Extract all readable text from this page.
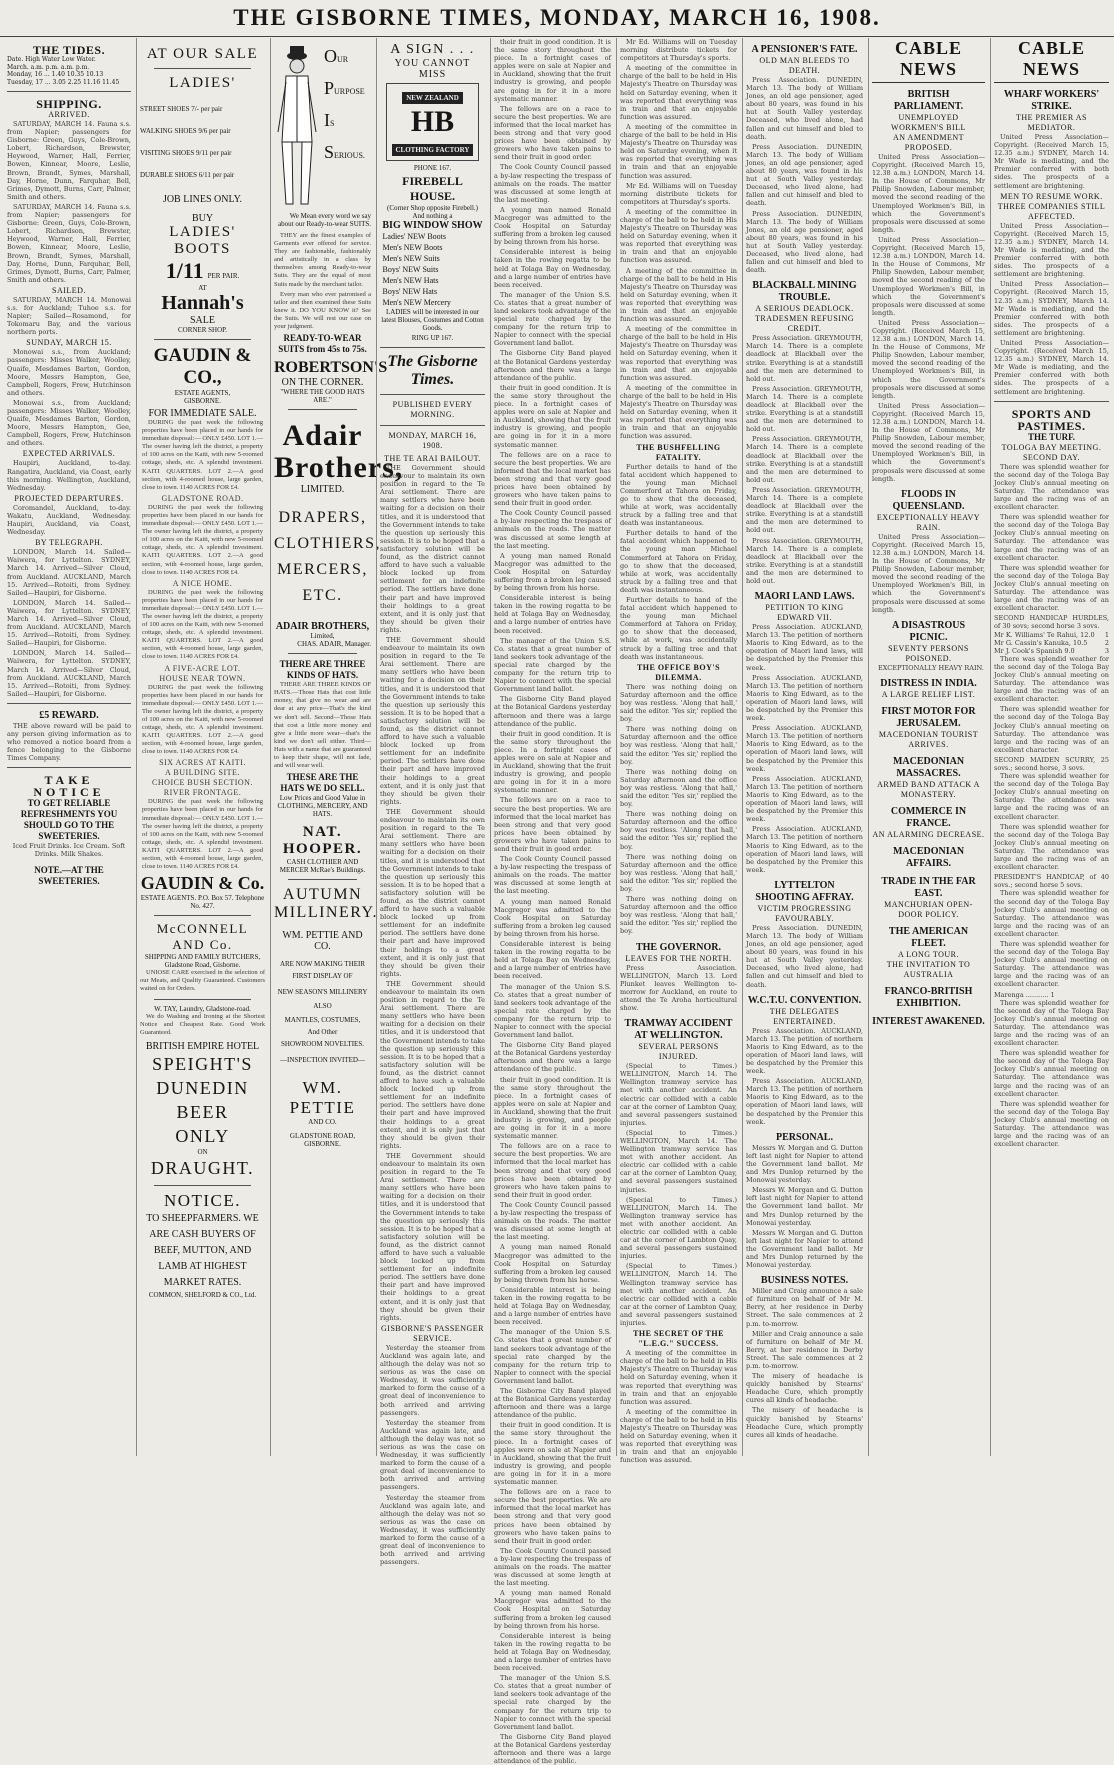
THE GISBORNE TIMES, MONDAY, MARCH 16, 1908.
THE TIDES.
Date. High Water Low Water.
March. a.m. p.m. a.m. p.m.
Monday, 16 ... 1.40 10.35 10.13
Tuesday, 17 ... 3.05 2.25 11.16 11.45
SHIPPING.
ARRIVED.

SATURDAY, MARCH 14. Fauna s.s. from Napier; passengers for Gisborne: Green, Guys, Cole-Brown, Lobert, Richardson, Brewster, Heywood, Warner, Hall, Ferrier, Bowen, Kinnear, Moore, Leslie, Brown, Brandt, Symes, Marshall, Day, Horne, Dunn, Farquhar, Bell, Grimes, Dymott, Burns, Carr, Palmer, Smith and others.

SATURDAY, MARCH 14. Fauna s.s. from Napier; passengers for Gisborne: Green, Guys, Cole-Brown, Lobert, Richardson, Brewster, Heywood, Warner, Hall, Ferrier, Bowen, Kinnear, Moore, Leslie, Brown, Brandt, Symes, Marshall, Day, Horne, Dunn, Farquhar, Bell, Grimes, Dymott, Burns, Carr, Palmer, Smith and others.

SAILED.

SATURDAY, MARCH 14. Monowai s.s. for Auckland; Tuhoe s.s. for Napier; Sailed—Rosamond, for Tokomaru Bay, and the various northern ports.

SUNDAY, MARCH 15.

Monowai s.s., from Auckland; passengers: Misses Walker, Woolley, Quaife, Mesdames Barton, Gordon, Moore, Messrs Hampton, Gee, Campbell, Rogers, Frew, Hutchinson and others.

Monowai s.s., from Auckland; passengers: Misses Walker, Woolley, Quaife, Mesdames Barton, Gordon, Moore, Messrs Hampton, Gee, Campbell, Rogers, Frew, Hutchinson and others.

EXPECTED ARRIVALS.

Haupiri, Auckland, to-day. Rangatira, Auckland, via Coast, early this morning. Wellington, Auckland, Wednesday.

PROJECTED DEPARTURES.

Coromandel, Auckland, to-day. Wakatu, Auckland, Wednesday. Haupiri, Auckland, via Coast, Wednesday.

BY TELEGRAPH.

LONDON, March 14. Sailed—Waiwera, for Lyttelton. SYDNEY, March 14. Arrived—Silver Cloud, from Auckland. AUCKLAND, March 15. Arrived—Rotoiti, from Sydney. Sailed—Haupiri, for Gisborne.

LONDON, March 14. Sailed—Waiwera, for Lyttelton. SYDNEY, March 14. Arrived—Silver Cloud, from Auckland. AUCKLAND, March 15. Arrived—Rotoiti, from Sydney. Sailed—Haupiri, for Gisborne.

LONDON, March 14. Sailed—Waiwera, for Lyttelton. SYDNEY, March 14. Arrived—Silver Cloud, from Auckland. AUCKLAND, March 15. Arrived—Rotoiti, from Sydney. Sailed—Haupiri, for Gisborne.

£5 REWARD.

THE above reward will be paid to any person giving information as to who removed a notice board from a fence belonging to the Gisborne Times Company.

TAKE NOTICE
TO GET RELIABLE REFRESHMENTS YOU SHOULD GO TO THE SWEETERIES.
Iced Fruit Drinks. Ice Cream. Soft Drinks. Milk Shakes.
NOTE.—AT THE SWEETERIES.
AT OUR SALE
LADIES'
STREET SHOES 7/- per pair
WALKING SHOES 9/6 per pair
VISITING SHOES 9/11 per pair
DURABLE SHOES 6/11 per pair
JOB LINES ONLY.
BUY
LADIES' BOOTS
1/11 PER PAIR.
AT
Hannah's
SALE
CORNER SHOP.
GAUDIN & CO.,
ESTATE AGENTS,
GISBORNE.
FOR IMMEDIATE SALE.

DURING the past week the following properties have been placed in our hands for immediate disposal:— ONLY £450. LOT 1.—The owner having left the district, a property of 100 acres on the Kaiti, with new 5-roomed cottage, sheds, etc. A splendid investment. KAITI QUARTERS. LOT 2.—A good section, with 4-roomed house, large garden, close to town. 1140 ACRES FOR £4.

GLADSTONE ROAD.

DURING the past week the following properties have been placed in our hands for immediate disposal:— ONLY £450. LOT 1.—The owner having left the district, a property of 100 acres on the Kaiti, with new 5-roomed cottage, sheds, etc. A splendid investment. KAITI QUARTERS. LOT 2.—A good section, with 4-roomed house, large garden, close to town. 1140 ACRES FOR £4.

A NICE HOME.

DURING the past week the following properties have been placed in our hands for immediate disposal:— ONLY £450. LOT 1.—The owner having left the district, a property of 100 acres on the Kaiti, with new 5-roomed cottage, sheds, etc. A splendid investment. KAITI QUARTERS. LOT 2.—A good section, with 4-roomed house, large garden, close to town. 1140 ACRES FOR £4.

A FIVE-ACRE LOT.
HOUSE NEAR TOWN.

DURING the past week the following properties have been placed in our hands for immediate disposal:— ONLY £450. LOT 1.—The owner having left the district, a property of 100 acres on the Kaiti, with new 5-roomed cottage, sheds, etc. A splendid investment. KAITI QUARTERS. LOT 2.—A good section, with 4-roomed house, large garden, close to town. 1140 ACRES FOR £4.

SIX ACRES AT KAITI.
A BUILDING SITE.
CHOICE BUSH SECTION.
RIVER FRONTAGE.

DURING the past week the following properties have been placed in our hands for immediate disposal:— ONLY £450. LOT 1.—The owner having left the district, a property of 100 acres on the Kaiti, with new 5-roomed cottage, sheds, etc. A splendid investment. KAITI QUARTERS. LOT 2.—A good section, with 4-roomed house, large garden, close to town. 1140 ACRES FOR £4.

GAUDIN & Co.
ESTATE AGENTS. P.O. Box 57. Telephone No. 427.
McCONNELL AND Co.
SHIPPING AND FAMILY BUTCHERS, Gladstone Road, Gisborne.

UNIOSE CARE exercised in the selection of our Meats, and Quality Guaranteed. Customers waited on for Orders.

W. TAY, Laundry, Gladstone-road.

We do Washing and Ironing at the Shortest Notice and Cheapest Rate. Good Work Guaranteed.

BRITISH EMPIRE HOTEL
SPEIGHT'S
DUNEDIN
BEER
ONLY
ON
DRAUGHT.
NOTICE.
TO SHEEPFARMERS. WE ARE CASH BUYERS OF BEEF, MUTTON, AND LAMB AT HIGHEST MARKET RATES.
COMMON, SHELFORD & CO., Ltd.
OUR
PURPOSE
IS
SERIOUS.
We Mean every word we say about our Ready-to-wear SUITS.

THEY are the finest examples of Garments ever offered for service. They are fashionable, fashionably and artistically in a class by themselves among Ready-to-wear Suits. They are the equal of most Suits made by the merchant tailor.

Every man who ever patronised a tailor and then examined these Suits knew it. DO YOU KNOW it? See the Suits. We will rest our case on your judgment.

READY-TO-WEAR SUITS from 45s to 75s.
ROBERTSON'S
ON THE CORNER.
"WHERE THE GOOD HATS ARE."
Adair
Brothers,
LIMITED.
DRAPERS,
CLOTHIERS,
MERCERS,
ETC.
ADAIR BROTHERS,
Limited,
CHAS. ADAIR, Manager.
THERE ARE THREE KINDS OF HATS.

THERE ARE THREE KINDS OF HATS.—Those Hats that cost little money, that give no wear and are dear at any price—That's the kind we don't sell. Second—Those Hats that cost a little more money and give a little more wear—that's the kind we don't sell either. Third—Hats with a name that are guaranteed to keep their shape, will not fade, and will wear well.

THESE ARE THE HATS WE DO SELL.
Low Prices and Good Value in CLOTHING, MERCERY, AND HATS.
NAT. HOOPER.
CASH CLOTHIER AND MERCER McRae's Buildings.
AUTUMN
MILLINERY.
WM. PETTIE AND CO.
ARE NOW MAKING THEIR FIRST DISPLAY OF
NEW SEASON'S MILLINERY
ALSO
MANTLES, COSTUMES,
And Other
SHOWROOM NOVELTIES.
—INSPECTION INVITED—
WM. PETTIE
AND CO.
GLADSTONE ROAD,
GISBORNE.
A SIGN . . .
YOU CANNOT MISS
NEW ZEALAND
HB
CLOTHING FACTORY
PHONE 167.
FIREBELL HOUSE.
(Corner Shop opposite Firebell.)
And nothing a
BIG WINDOW SHOW
Ladies' NEW Boots
Men's NEW Boots
Men's NEW Suits
Boys' NEW Suits
Men's NEW Hats
Boys' NEW Hats
Men's NEW Mercery
LADIES will be interested in our latest Blouses, Costumes and Cotton Goods.
RING UP 167.
The Gisborne Times.
PUBLISHED EVERY MORNING.
MONDAY, MARCH 16, 1908.
THE TE ARAI BAILOUT.

THE Government should endeavour to maintain its own position in regard to the Te Arai settlement. There are many settlers who have been waiting for a decision on their titles, and it is understood that the Government intends to take the question up seriously this session. It is to be hoped that a satisfactory solution will be found, as the district cannot afford to have such a valuable block locked up from settlement for an indefinite period. The settlers have done their part and have improved their holdings to a great extent, and it is only just that they should be given their rights.

THE Government should endeavour to maintain its own position in regard to the Te Arai settlement. There are many settlers who have been waiting for a decision on their titles, and it is understood that the Government intends to take the question up seriously this session. It is to be hoped that a satisfactory solution will be found, as the district cannot afford to have such a valuable block locked up from settlement for an indefinite period. The settlers have done their part and have improved their holdings to a great extent, and it is only just that they should be given their rights.

THE Government should endeavour to maintain its own position in regard to the Te Arai settlement. There are many settlers who have been waiting for a decision on their titles, and it is understood that the Government intends to take the question up seriously this session. It is to be hoped that a satisfactory solution will be found, as the district cannot afford to have such a valuable block locked up from settlement for an indefinite period. The settlers have done their part and have improved their holdings to a great extent, and it is only just that they should be given their rights.

THE Government should endeavour to maintain its own position in regard to the Te Arai settlement. There are many settlers who have been waiting for a decision on their titles, and it is understood that the Government intends to take the question up seriously this session. It is to be hoped that a satisfactory solution will be found, as the district cannot afford to have such a valuable block locked up from settlement for an indefinite period. The settlers have done their part and have improved their holdings to a great extent, and it is only just that they should be given their rights.

THE Government should endeavour to maintain its own position in regard to the Te Arai settlement. There are many settlers who have been waiting for a decision on their titles, and it is understood that the Government intends to take the question up seriously this session. It is to be hoped that a satisfactory solution will be found, as the district cannot afford to have such a valuable block locked up from settlement for an indefinite period. The settlers have done their part and have improved their holdings to a great extent, and it is only just that they should be given their rights.

GISBORNE'S PASSENGER SERVICE.

Yesterday the steamer from Auckland was again late, and although the delay was not so serious as was the case on Wednesday, it was sufficiently marked to form the cause of a great deal of inconvenience to both arrived and arriving passengers.

Yesterday the steamer from Auckland was again late, and although the delay was not so serious as was the case on Wednesday, it was sufficiently marked to form the cause of a great deal of inconvenience to both arrived and arriving passengers.

Yesterday the steamer from Auckland was again late, and although the delay was not so serious as was the case on Wednesday, it was sufficiently marked to form the cause of a great deal of inconvenience to both arrived and arriving passengers.

their fruit in good condition. It is the same story throughout the piece. In a fortnight cases of apples were on sale at Napier and in Auckland, showing that the fruit industry is growing, and people are going in for it in a more systematic manner.

The fellows are on a race to secure the best properties. We are informed that the local market has been strong and that very good prices have been obtained by growers who have taken pains to send their fruit in good order.

The Cook County Council passed a by-law respecting the trespass of animals on the roads. The matter was discussed at some length at the last meeting.

A young man named Ronald Macgregor was admitted to the Cook Hospital on Saturday suffering from a broken leg caused by being thrown from his horse.

Considerable interest is being taken in the rowing regatta to be held at Tolaga Bay on Wednesday, and a large number of entries have been received.

The manager of the Union S.S. Co. states that a great number of land seekers took advantage of the special rate charged by the company for the return trip to Napier to connect with the special Government land ballot.

The Gisborne City Band played at the Botanical Gardens yesterday afternoon and there was a large attendance of the public.

their fruit in good condition. It is the same story throughout the piece. In a fortnight cases of apples were on sale at Napier and in Auckland, showing that the fruit industry is growing, and people are going in for it in a more systematic manner.

The fellows are on a race to secure the best properties. We are informed that the local market has been strong and that very good prices have been obtained by growers who have taken pains to send their fruit in good order.

The Cook County Council passed a by-law respecting the trespass of animals on the roads. The matter was discussed at some length at the last meeting.

A young man named Ronald Macgregor was admitted to the Cook Hospital on Saturday suffering from a broken leg caused by being thrown from his horse.

Considerable interest is being taken in the rowing regatta to be held at Tolaga Bay on Wednesday, and a large number of entries have been received.

The manager of the Union S.S. Co. states that a great number of land seekers took advantage of the special rate charged by the company for the return trip to Napier to connect with the special Government land ballot.

The Gisborne City Band played at the Botanical Gardens yesterday afternoon and there was a large attendance of the public.

their fruit in good condition. It is the same story throughout the piece. In a fortnight cases of apples were on sale at Napier and in Auckland, showing that the fruit industry is growing, and people are going in for it in a more systematic manner.

The fellows are on a race to secure the best properties. We are informed that the local market has been strong and that very good prices have been obtained by growers who have taken pains to send their fruit in good order.

The Cook County Council passed a by-law respecting the trespass of animals on the roads. The matter was discussed at some length at the last meeting.

A young man named Ronald Macgregor was admitted to the Cook Hospital on Saturday suffering from a broken leg caused by being thrown from his horse.

Considerable interest is being taken in the rowing regatta to be held at Tolaga Bay on Wednesday, and a large number of entries have been received.

The manager of the Union S.S. Co. states that a great number of land seekers took advantage of the special rate charged by the company for the return trip to Napier to connect with the special Government land ballot.

The Gisborne City Band played at the Botanical Gardens yesterday afternoon and there was a large attendance of the public.

their fruit in good condition. It is the same story throughout the piece. In a fortnight cases of apples were on sale at Napier and in Auckland, showing that the fruit industry is growing, and people are going in for it in a more systematic manner.

The fellows are on a race to secure the best properties. We are informed that the local market has been strong and that very good prices have been obtained by growers who have taken pains to send their fruit in good order.

The Cook County Council passed a by-law respecting the trespass of animals on the roads. The matter was discussed at some length at the last meeting.

A young man named Ronald Macgregor was admitted to the Cook Hospital on Saturday suffering from a broken leg caused by being thrown from his horse.

Considerable interest is being taken in the rowing regatta to be held at Tolaga Bay on Wednesday, and a large number of entries have been received.

The manager of the Union S.S. Co. states that a great number of land seekers took advantage of the special rate charged by the company for the return trip to Napier to connect with the special Government land ballot.

The Gisborne City Band played at the Botanical Gardens yesterday afternoon and there was a large attendance of the public.

their fruit in good condition. It is the same story throughout the piece. In a fortnight cases of apples were on sale at Napier and in Auckland, showing that the fruit industry is growing, and people are going in for it in a more systematic manner.

The fellows are on a race to secure the best properties. We are informed that the local market has been strong and that very good prices have been obtained by growers who have taken pains to send their fruit in good order.

The Cook County Council passed a by-law respecting the trespass of animals on the roads. The matter was discussed at some length at the last meeting.

A young man named Ronald Macgregor was admitted to the Cook Hospital on Saturday suffering from a broken leg caused by being thrown from his horse.

Considerable interest is being taken in the rowing regatta to be held at Tolaga Bay on Wednesday, and a large number of entries have been received.

The manager of the Union S.S. Co. states that a great number of land seekers took advantage of the special rate charged by the company for the return trip to Napier to connect with the special Government land ballot.

The Gisborne City Band played at the Botanical Gardens yesterday afternoon and there was a large attendance of the public.

Mr Ed. Williams will on Tuesday morning distribute tickets for competitors at Thursday's sports.

A meeting of the committee in charge of the ball to be held in His Majesty's Theatre on Thursday was held on Saturday evening, when it was reported that everything was in train and that an enjoyable function was assured.

A meeting of the committee in charge of the ball to be held in His Majesty's Theatre on Thursday was held on Saturday evening, when it was reported that everything was in train and that an enjoyable function was assured.

Mr Ed. Williams will on Tuesday morning distribute tickets for competitors at Thursday's sports.

A meeting of the committee in charge of the ball to be held in His Majesty's Theatre on Thursday was held on Saturday evening, when it was reported that everything was in train and that an enjoyable function was assured.

A meeting of the committee in charge of the ball to be held in His Majesty's Theatre on Thursday was held on Saturday evening, when it was reported that everything was in train and that an enjoyable function was assured.

A meeting of the committee in charge of the ball to be held in His Majesty's Theatre on Thursday was held on Saturday evening, when it was reported that everything was in train and that an enjoyable function was assured.

A meeting of the committee in charge of the ball to be held in His Majesty's Theatre on Thursday was held on Saturday evening, when it was reported that everything was in train and that an enjoyable function was assured.

THE BUSHFELLING FATALITY.

Further details to hand of the fatal accident which happened to the young man Michael Commerford at Tahora on Friday, go to show that the deceased, while at work, was accidentally struck by a falling tree and that death was instantaneous.

Further details to hand of the fatal accident which happened to the young man Michael Commerford at Tahora on Friday, go to show that the deceased, while at work, was accidentally struck by a falling tree and that death was instantaneous.

Further details to hand of the fatal accident which happened to the young man Michael Commerford at Tahora on Friday, go to show that the deceased, while at work, was accidentally struck by a falling tree and that death was instantaneous.

THE OFFICE BOY'S DILEMMA.

There was nothing doing on Saturday afternoon and the office boy was restless. 'Along that hall,' said the editor. 'Yes sir,' replied the boy.

There was nothing doing on Saturday afternoon and the office boy was restless. 'Along that hall,' said the editor. 'Yes sir,' replied the boy.

There was nothing doing on Saturday afternoon and the office boy was restless. 'Along that hall,' said the editor. 'Yes sir,' replied the boy.

There was nothing doing on Saturday afternoon and the office boy was restless. 'Along that hall,' said the editor. 'Yes sir,' replied the boy.

There was nothing doing on Saturday afternoon and the office boy was restless. 'Along that hall,' said the editor. 'Yes sir,' replied the boy.

There was nothing doing on Saturday afternoon and the office boy was restless. 'Along that hall,' said the editor. 'Yes sir,' replied the boy.

THE GOVERNOR.
LEAVES FOR THE NORTH.

Press Association. WELLINGTON, March 13. Lord Plunket leaves Wellington to-morrow for Auckland, en route to attend the Te Aroha horticultural show.

TRAMWAY ACCIDENT AT WELLINGTON.
SEVERAL PERSONS INJURED.

(Special to Times.) WELLINGTON, March 14. The Wellington tramway service has met with another accident. An electric car collided with a cable car at the corner of Lambton Quay, and several passengers sustained injuries.

(Special to Times.) WELLINGTON, March 14. The Wellington tramway service has met with another accident. An electric car collided with a cable car at the corner of Lambton Quay, and several passengers sustained injuries.

(Special to Times.) WELLINGTON, March 14. The Wellington tramway service has met with another accident. An electric car collided with a cable car at the corner of Lambton Quay, and several passengers sustained injuries.

(Special to Times.) WELLINGTON, March 14. The Wellington tramway service has met with another accident. An electric car collided with a cable car at the corner of Lambton Quay, and several passengers sustained injuries.

THE SECRET OF THE "L.E.G." SUCCESS.

A meeting of the committee in charge of the ball to be held in His Majesty's Theatre on Thursday was held on Saturday evening, when it was reported that everything was in train and that an enjoyable function was assured.

A meeting of the committee in charge of the ball to be held in His Majesty's Theatre on Thursday was held on Saturday evening, when it was reported that everything was in train and that an enjoyable function was assured.

A PENSIONER'S FATE.
OLD MAN BLEEDS TO DEATH.

Press Association. DUNEDIN, March 13. The body of William Jones, an old age pensioner, aged about 80 years, was found in his hut at South Valley yesterday. Deceased, who lived alone, had fallen and cut himself and bled to death.

Press Association. DUNEDIN, March 13. The body of William Jones, an old age pensioner, aged about 80 years, was found in his hut at South Valley yesterday. Deceased, who lived alone, had fallen and cut himself and bled to death.

Press Association. DUNEDIN, March 13. The body of William Jones, an old age pensioner, aged about 80 years, was found in his hut at South Valley yesterday. Deceased, who lived alone, had fallen and cut himself and bled to death.

BLACKBALL MINING TROUBLE.
A SERIOUS DEADLOCK.
TRADESMEN REFUSING CREDIT.

Press Association. GREYMOUTH, March 14. There is a complete deadlock at Blackball over the strike. Everything is at a standstill and the men are determined to hold out.

Press Association. GREYMOUTH, March 14. There is a complete deadlock at Blackball over the strike. Everything is at a standstill and the men are determined to hold out.

Press Association. GREYMOUTH, March 14. There is a complete deadlock at Blackball over the strike. Everything is at a standstill and the men are determined to hold out.

Press Association. GREYMOUTH, March 14. There is a complete deadlock at Blackball over the strike. Everything is at a standstill and the men are determined to hold out.

Press Association. GREYMOUTH, March 14. There is a complete deadlock at Blackball over the strike. Everything is at a standstill and the men are determined to hold out.

MAORI LAND LAWS.
PETITION TO KING EDWARD VII.

Press Association. AUCKLAND, March 13. The petition of northern Maoris to King Edward, as to the operation of Maori land laws, will be despatched by the Premier this week.

Press Association. AUCKLAND, March 13. The petition of northern Maoris to King Edward, as to the operation of Maori land laws, will be despatched by the Premier this week.

Press Association. AUCKLAND, March 13. The petition of northern Maoris to King Edward, as to the operation of Maori land laws, will be despatched by the Premier this week.

Press Association. AUCKLAND, March 13. The petition of northern Maoris to King Edward, as to the operation of Maori land laws, will be despatched by the Premier this week.

Press Association. AUCKLAND, March 13. The petition of northern Maoris to King Edward, as to the operation of Maori land laws, will be despatched by the Premier this week.

LYTTELTON SHOOTING AFFRAY.
VICTIM PROGRESSING FAVOURABLY.

Press Association. DUNEDIN, March 13. The body of William Jones, an old age pensioner, aged about 80 years, was found in his hut at South Valley yesterday. Deceased, who lived alone, had fallen and cut himself and bled to death.

W.C.T.U. CONVENTION.
THE DELEGATES ENTERTAINED.

Press Association. AUCKLAND, March 13. The petition of northern Maoris to King Edward, as to the operation of Maori land laws, will be despatched by the Premier this week.

Press Association. AUCKLAND, March 13. The petition of northern Maoris to King Edward, as to the operation of Maori land laws, will be despatched by the Premier this week.

PERSONAL.

Messrs W. Morgan and G. Dutton left last night for Napier to attend the Government land ballot. Mr and Mrs Dunlop returned by the Monowai yesterday.

Messrs W. Morgan and G. Dutton left last night for Napier to attend the Government land ballot. Mr and Mrs Dunlop returned by the Monowai yesterday.

Messrs W. Morgan and G. Dutton left last night for Napier to attend the Government land ballot. Mr and Mrs Dunlop returned by the Monowai yesterday.

BUSINESS NOTES.

Miller and Craig announce a sale of furniture on behalf of Mr M. Berry, at her residence in Derby Street. The sale commences at 2 p.m. to-morrow.

Miller and Craig announce a sale of furniture on behalf of Mr M. Berry, at her residence in Derby Street. The sale commences at 2 p.m. to-morrow.

The misery of headache is quickly banished by Stearns' Headache Cure, which promptly cures all kinds of headache.

The misery of headache is quickly banished by Stearns' Headache Cure, which promptly cures all kinds of headache.

CABLE NEWS
BRITISH PARLIAMENT.
UNEMPLOYED WORKMEN'S BILL
AN AMENDMENT PROPOSED.

United Press Association—Copyright. (Received March 15, 12.38 a.m.) LONDON, March 14. In the House of Commons, Mr Philip Snowden, Labour member, moved the second reading of the Unemployed Workmen's Bill, in which the Government's proposals were discussed at some length.

United Press Association—Copyright. (Received March 15, 12.38 a.m.) LONDON, March 14. In the House of Commons, Mr Philip Snowden, Labour member, moved the second reading of the Unemployed Workmen's Bill, in which the Government's proposals were discussed at some length.

United Press Association—Copyright. (Received March 15, 12.38 a.m.) LONDON, March 14. In the House of Commons, Mr Philip Snowden, Labour member, moved the second reading of the Unemployed Workmen's Bill, in which the Government's proposals were discussed at some length.

United Press Association—Copyright. (Received March 15, 12.38 a.m.) LONDON, March 14. In the House of Commons, Mr Philip Snowden, Labour member, moved the second reading of the Unemployed Workmen's Bill, in which the Government's proposals were discussed at some length.

FLOODS IN QUEENSLAND.
EXCEPTIONALLY HEAVY RAIN.

United Press Association—Copyright. (Received March 15, 12.38 a.m.) LONDON, March 14. In the House of Commons, Mr Philip Snowden, Labour member, moved the second reading of the Unemployed Workmen's Bill, in which the Government's proposals were discussed at some length.

A DISASTROUS PICNIC.
SEVENTY PERSONS POISONED.

EXCEPTIONALLY HEAVY RAIN.

DISTRESS IN INDIA.
A LARGE RELIEF LIST.
FIRST MOTOR FOR JERUSALEM.
MACEDONIAN TOURIST ARRIVES.
MACEDONIAN MASSACRES.
ARMED BAND ATTACK A MONASTERY.
COMMERCE IN FRANCE.
AN ALARMING DECREASE.
MACEDONIAN AFFAIRS.
TRADE IN THE FAR EAST.
MANCHURIAN OPEN-DOOR POLICY.
THE AMERICAN FLEET.
A LONG TOUR.
THE INVITATION TO AUSTRALIA
FRANCO-BRITISH EXHIBITION.
INTEREST AWAKENED.
CABLE NEWS
WHARF WORKERS' STRIKE.
THE PREMIER AS MEDIATOR.

United Press Association—Copyright. (Received March 15, 12.35 a.m.) SYDNEY, March 14. Mr Wade is mediating, and the Premier conferred with both sides. The prospects of a settlement are brightening.

MEN TO RESUME WORK.
THREE COMPANIES STILL AFFECTED.

United Press Association—Copyright. (Received March 15, 12.35 a.m.) SYDNEY, March 14. Mr Wade is mediating, and the Premier conferred with both sides. The prospects of a settlement are brightening.

United Press Association—Copyright. (Received March 15, 12.35 a.m.) SYDNEY, March 14. Mr Wade is mediating, and the Premier conferred with both sides. The prospects of a settlement are brightening.

United Press Association—Copyright. (Received March 15, 12.35 a.m.) SYDNEY, March 14. Mr Wade is mediating, and the Premier conferred with both sides. The prospects of a settlement are brightening.

SPORTS AND PASTIMES.
THE TURF.
TOLOGA BAY MEETING.
SECOND DAY.

There was splendid weather for the second day of the Tologa Bay Jockey Club's annual meeting on Saturday. The attendance was large and the racing was of an excellent character.

There was splendid weather for the second day of the Tologa Bay Jockey Club's annual meeting on Saturday. The attendance was large and the racing was of an excellent character.

There was splendid weather for the second day of the Tologa Bay Jockey Club's annual meeting on Saturday. The attendance was large and the racing was of an excellent character.

SECOND HANDICAP HURDLES, of 30 sovs; second horse 3 sovs.
Mr K. Williams' Te Rahui, 12.0 1
Mr G. Cassin's Kanuka, 10.5	2
Mr J. Cook's Spanish 9.0	3

There was splendid weather for the second day of the Tologa Bay Jockey Club's annual meeting on Saturday. The attendance was large and the racing was of an excellent character.

There was splendid weather for the second day of the Tologa Bay Jockey Club's annual meeting on Saturday. The attendance was large and the racing was of an excellent character.

SECOND MAIDEN SCURRY, 25 sovs.; second horse, 3 sovs.

There was splendid weather for the second day of the Tologa Bay Jockey Club's annual meeting on Saturday. The attendance was large and the racing was of an excellent character.

There was splendid weather for the second day of the Tologa Bay Jockey Club's annual meeting on Saturday. The attendance was large and the racing was of an excellent character.

PRESIDENT'S HANDICAP, of 40 sovs.; second horse 5 sovs.

There was splendid weather for the second day of the Tologa Bay Jockey Club's annual meeting on Saturday. The attendance was large and the racing was of an excellent character.

There was splendid weather for the second day of the Tologa Bay Jockey Club's annual meeting on Saturday. The attendance was large and the racing was of an excellent character.

Marenga ........... 1

There was splendid weather for the second day of the Tologa Bay Jockey Club's annual meeting on Saturday. The attendance was large and the racing was of an excellent character.

There was splendid weather for the second day of the Tologa Bay Jockey Club's annual meeting on Saturday. The attendance was large and the racing was of an excellent character.

There was splendid weather for the second day of the Tologa Bay Jockey Club's annual meeting on Saturday. The attendance was large and the racing was of an excellent character.
